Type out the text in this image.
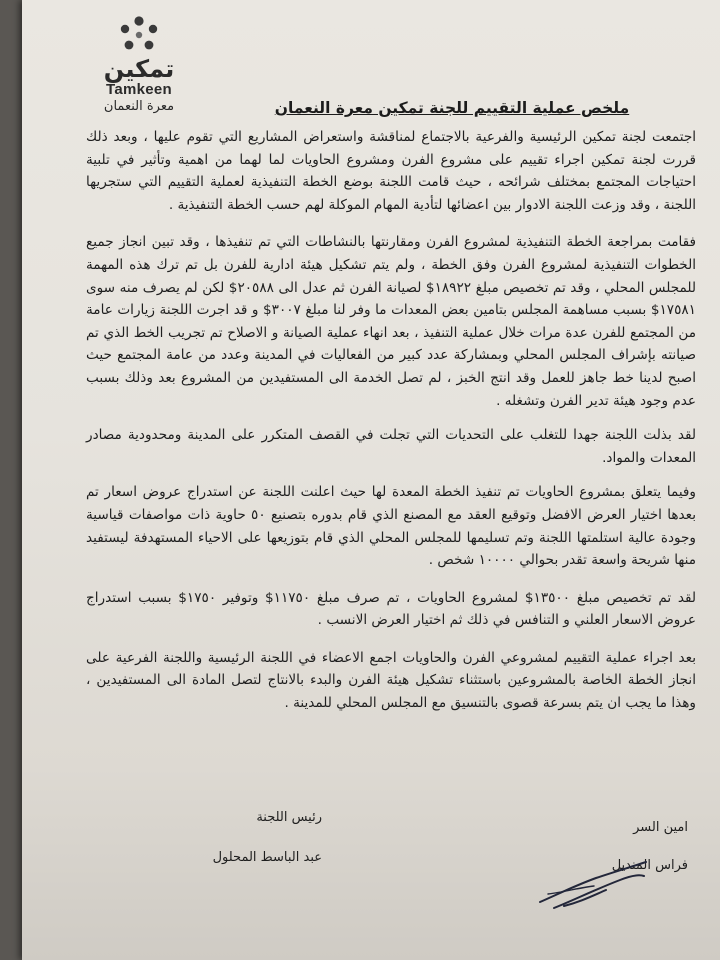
تمكين
Tamkeen
معرة النعمان	ملخص عملية التقييم للجنة تمكين معرة النعمان

اجتمعت لجنة تمكين الرئيسية والفرعية بالاجتماع لمناقشة واستعراض المشاريع التي تقوم عليها ، وبعد ذلك قررت لجنة تمكين اجراء تقييم على مشروع الفرن ومشروع الحاويات لما لهما من اهمية وتأثير في تلبية احتياجات المجتمع بمختلف شرائحه ، حيث قامت اللجنة بوضع الخطة التنفيذية لعملية التقييم التي ستجريها اللجنة ، وقد وزعت اللجنة الادوار بين اعضائها لتأدية المهام الموكلة لهم حسب الخطة التنفيذية .

فقامت بمراجعة الخطة التنفيذية لمشروع الفرن ومقارنتها بالنشاطات التي تم تنفيذها ، وقد تبين انجاز جميع الخطوات التنفيذية لمشروع الفرن وفق الخطة ، ولم يتم تشكيل هيئة ادارية للفرن بل تم ترك هذه المهمة للمجلس المحلي ، وقد تم تخصيص مبلغ ١٨٩٢٢$ لصيانة الفرن ثم عدل الى ٢٠٥٨٨$ لكن لم يصرف منه سوى ١٧٥٨١$ بسبب مساهمة المجلس بتامين بعض المعدات ما وفر لنا مبلغ ٣٠٠٧$ و قد اجرت اللجنة زيارات عامة من المجتمع للفرن عدة مرات خلال عملية التنفيذ ، بعد انهاء عملية الصيانة و الاصلاح تم تجريب الخط الذي تم صيانته بإشراف المجلس المحلي وبمشاركة عدد كبير من الفعاليات في المدينة وعدد من عامة المجتمع حيث اصبح لدينا خط جاهز للعمل وقد انتج الخبز ، لم تصل الخدمة الى المستفيدين من المشروع بعد وذلك بسبب عدم وجود هيئة تدير الفرن وتشغله .

لقد بذلت اللجنة جهدا للتغلب على التحديات التي تجلت في القصف المتكرر على المدينة ومحدودية مصادر المعدات والمواد.

وفيما يتعلق بمشروع الحاويات تم تنفيذ الخطة المعدة لها حيث اعلنت اللجنة عن استدراج عروض اسعار تم بعدها اختيار العرض الافضل وتوقيع العقد مع المصنع الذي قام بدوره بتصنيع ٥٠ حاوية ذات مواصفات قياسية وجودة عالية استلمتها اللجنة وتم تسليمها للمجلس المحلي الذي قام بتوزيعها على الاحياء المستهدفة ليستفيد منها شريحة واسعة تقدر بحوالي ١٠٠٠٠ شخص .

لقد تم تخصيص مبلغ ١٣٥٠٠$ لمشروع الحاويات ، تم صرف مبلغ ١١٧٥٠$ وتوفير ١٧٥٠$ بسبب استدراج عروض الاسعار العلني و التنافس في ذلك ثم اختيار العرض الانسب .

بعد اجراء عملية التقييم لمشروعي الفرن والحاويات اجمع الاعضاء في اللجنة الرئيسية واللجنة الفرعية على انجاز الخطة الخاصة بالمشروعين باستثناء تشكيل هيئة الفرن والبدء بالانتاج لتصل المادة الى المستفيدين ، وهذا ما يجب ان يتم بسرعة قصوى بالتنسيق مع المجلس المحلي للمدينة .

امين السر
فراس المنديل
رئيس اللجنة
عبد الباسط المحلول
